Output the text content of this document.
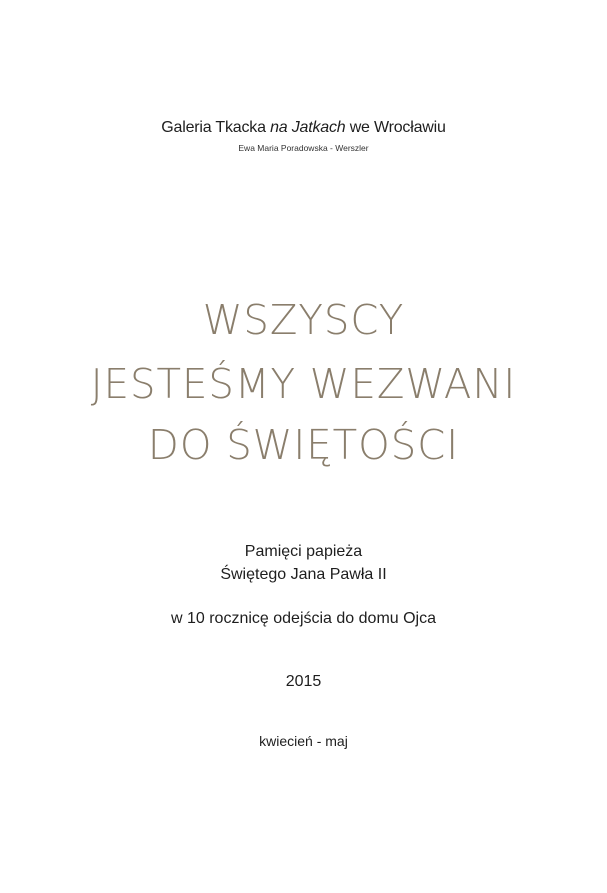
Galeria Tkacka na Jatkach we Wrocławiu
Ewa Maria Poradowska - Werszler
WSZYSCY
JESTEŚMY WEZWANI
DO ŚWIĘTOŚCI
Pamięci papieża
Świętego Jana Pawła II
w 10 rocznicę odejścia do domu Ojca
2015
kwiecień - maj
